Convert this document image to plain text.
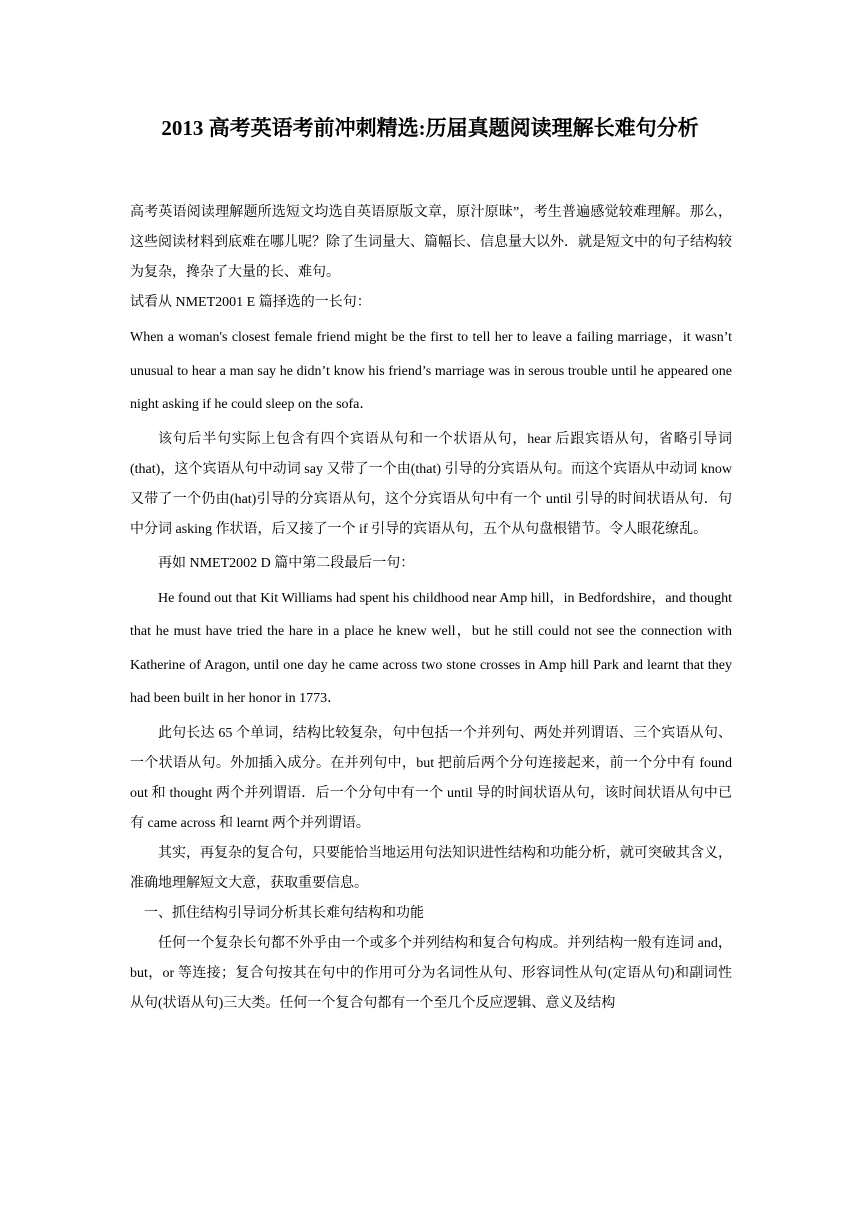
2013 高考英语考前冲刺精选:历届真题阅读理解长难句分析

高考英语阅读理解题所选短文均选自英语原版文章，原汁原昧”，考生普遍感觉较难理解。那么，这些阅读材料到底难在哪儿呢？除了生词量大、篇幅长、信息量大以外．就是短文中的句子结构较为复杂，搀杂了大量的长、难句。

试看从 NMET2001 E 篇择选的一长句：

When a woman's closest female friend might be the first to tell her to leave a failing marriage，it wasn’t unusual to hear a man say he didn’t know his friend’s marriage was in serous trouble until he appeared one night asking if he could sleep on the sofa．

该句后半句实际上包含有四个宾语从句和一个状语从句，hear 后跟宾语从句，省略引导词(that)，这个宾语从句中动词 say 又带了一个由(that) 引导的分宾语从句。而这个宾语从中动词 know 又带了一个仍由(hat)引导的分宾语从句，这个分宾语从句中有一个 until 引导的时间状语从句．句中分词 asking 作状语，后又接了一个 if 引导的宾语从句，五个从句盘根错节。令人眼花缭乱。

再如 NMET2002 D 篇中第二段最后一句：

He found out that Kit Williams had spent his childhood near Amp hill，in Bedfordshire，and thought that he must have tried the hare in a place he knew well，but he still could not see the connection with Katherine of Aragon, until one day he came across two stone crosses in Amp hill Park and learnt that they had been built in her honor in 1773．

此句长达 65 个单词，结构比较复杂，句中包括一个并列句、两处并列谓语、三个宾语从句、一个状语从句。外加插入成分。在并列句中，but 把前后两个分句连接起来，前一个分中有 found out 和 thought 两个并列谓语．后一个分句中有一个 until 导的时间状语从句，该时间状语从句中已有 came across 和 learnt 两个并列谓语。

其实，再复杂的复合句，只要能恰当地运用句法知识进性结构和功能分析，就可突破其含义，准确地理解短文大意，获取重要信息。

一、抓住结构引导词分析其长难句结构和功能

任何一个复杂长句都不外乎由一个或多个并列结构和复合句构成。并列结构一般有连词 and，but，or 等连接；复合句按其在句中的作用可分为名词性从句、形容词性从句(定语从句)和副词性从句(状语从句)三大类。任何一个复合句都有一个至几个反应逻辑、意义及结构
